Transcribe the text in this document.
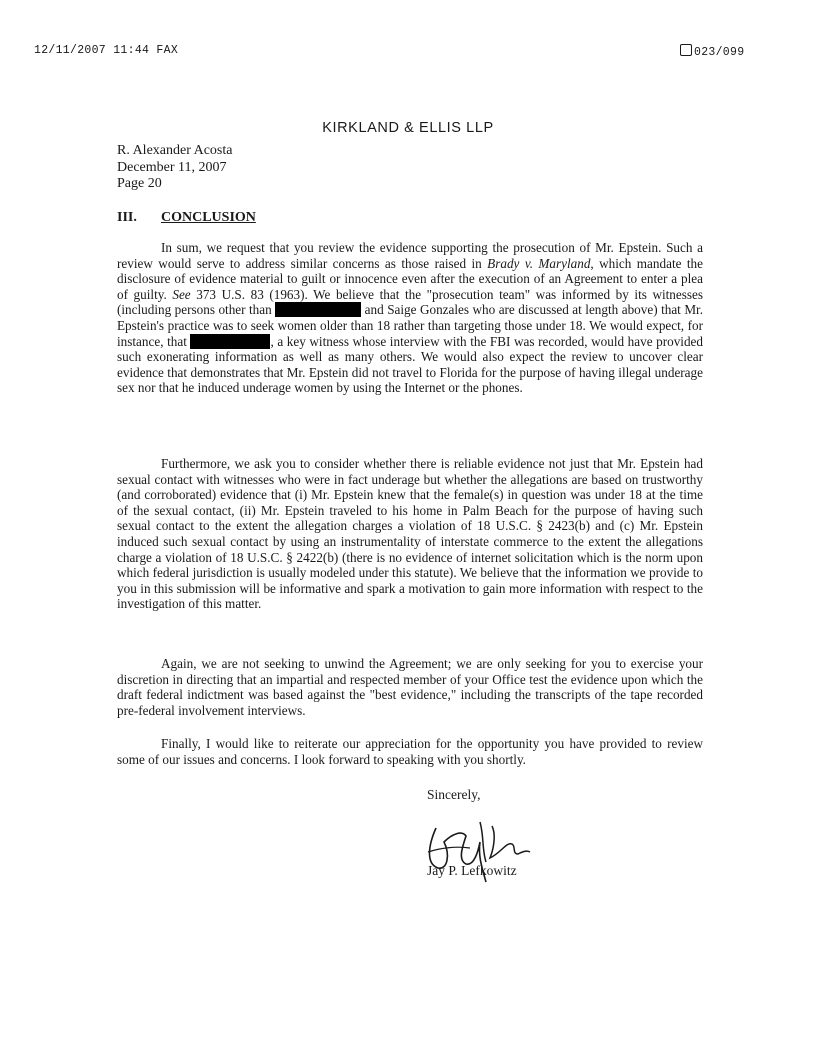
12/11/2007 11:44 FAX	023/099
KIRKLAND & ELLIS LLP
R. Alexander Acosta
December 11, 2007
Page 20
III. CONCLUSION
In sum, we request that you review the evidence supporting the prosecution of Mr. Epstein. Such a review would serve to address similar concerns as those raised in Brady v. Maryland, which mandate the disclosure of evidence material to guilt or innocence even after the execution of an Agreement to enter a plea of guilty. See 373 U.S. 83 (1963). We believe that the "prosecution team" was informed by its witnesses (including persons other than	and Saige Gonzales who are discussed at length above) that Mr. Epstein's practice was to seek women older than 18 rather than targeting those under 18. We would expect, for instance, that	, a key witness whose interview with the FBI was recorded, would have provided such exonerating information as well as many others. We would also expect the review to uncover clear evidence that demonstrates that Mr. Epstein did not travel to Florida for the purpose of having illegal underage sex nor that he induced underage women by using the Internet or the phones.
Furthermore, we ask you to consider whether there is reliable evidence not just that Mr. Epstein had sexual contact with witnesses who were in fact underage but whether the allegations are based on trustworthy (and corroborated) evidence that (i) Mr. Epstein knew that the female(s) in question was under 18 at the time of the sexual contact, (ii) Mr. Epstein traveled to his home in Palm Beach for the purpose of having such sexual contact to the extent the allegation charges a violation of 18 U.S.C. § 2423(b) and (c) Mr. Epstein induced such sexual contact by using an instrumentality of interstate commerce to the extent the allegations charge a violation of 18 U.S.C. § 2422(b) (there is no evidence of internet solicitation which is the norm upon which federal jurisdiction is usually modeled under this statute). We believe that the information we provide to you in this submission will be informative and spark a motivation to gain more information with respect to the investigation of this matter.
Again, we are not seeking to unwind the Agreement; we are only seeking for you to exercise your discretion in directing that an impartial and respected member of your Office test the evidence upon which the draft federal indictment was based against the "best evidence," including the transcripts of the tape recorded pre-federal involvement interviews.
Finally, I would like to reiterate our appreciation for the opportunity you have provided to review some of our issues and concerns. I look forward to speaking with you shortly.
Sincerely,
Jay P. Lefkowitz
